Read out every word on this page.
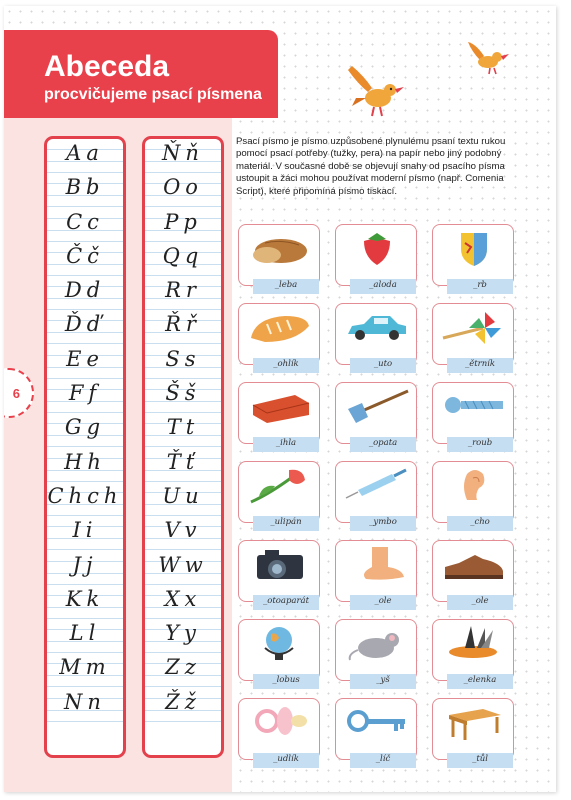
Abeceda
procvičujeme psací písmena
6
Aa
Bb
Cc
Čč
Dd
Ďď
Ee
Ff
Gg
Hh
Chch
Ii
Jj
Kk
Ll
Mm
Nn
Ňň
Oo
Pp
Qq
Rr
Řř
Ss
Šš
Tt
Ťť
Uu
Vv
Ww
Xx
Yy
Zz
Žž
Psací písmo je písmo uzpůsobené plynulému psaní textu rukou pomocí psací potřeby (tužky, pera) na papír nebo jiný podobný materiál. V současné době se objevují snahy od psacího písma ustoupit a žáci mohou používat moderní písmo (např. Comenia Script), které připomíná písmo tiskací.
_leba	_aloda	_rb
_ohlík	_uto	_ětrník
_ihla	_opata	_roub
_ulipán	_ymbo	_cho
_otoaparát	_ole	_ole
_lobus	_yš	_elenka
_udlík	_líč	_tůl
